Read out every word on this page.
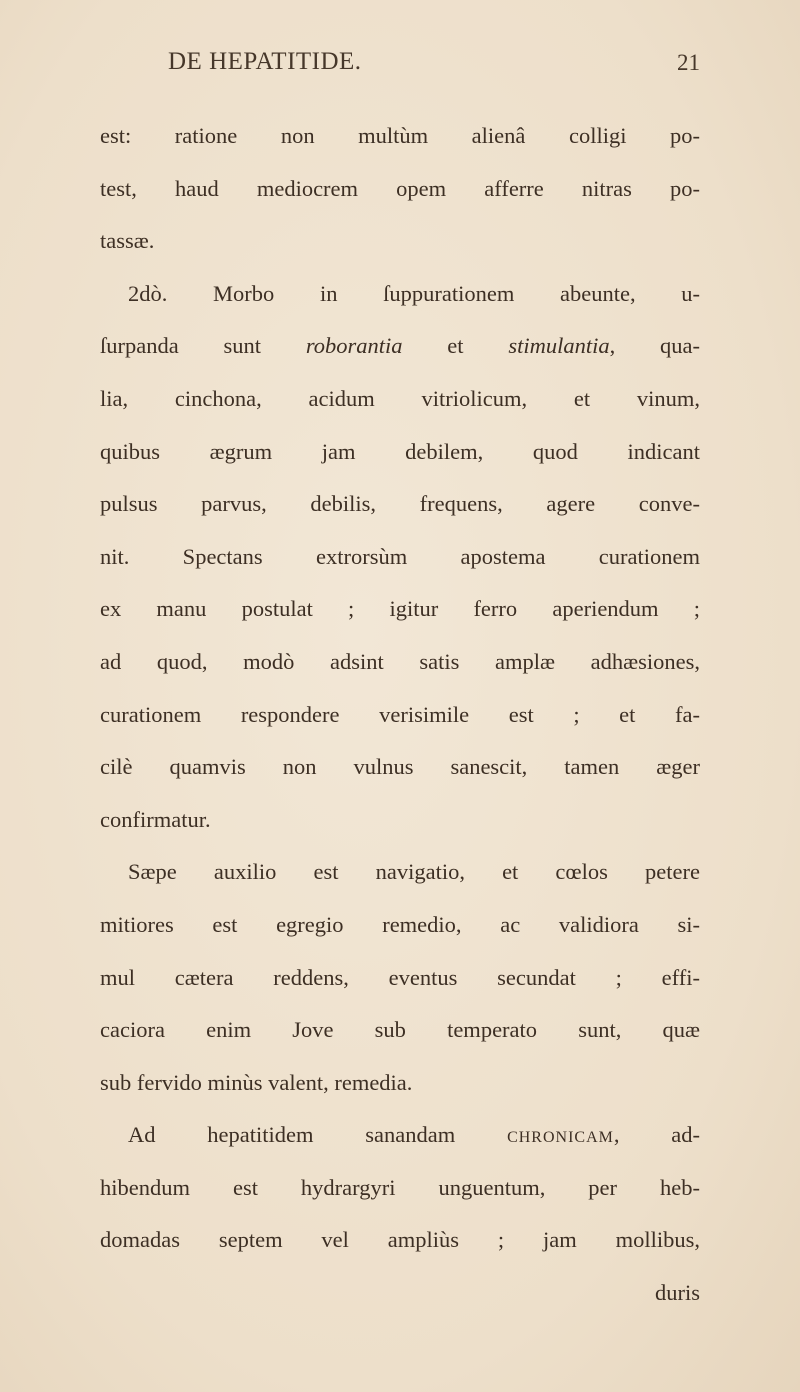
DE HEPATITIDE.	21
est: ratione non multùm alienâ colligi po-
test, haud mediocrem opem afferre nitras po-
tassæ.
2dò. Morbo in ſuppurationem abeunte, u-
ſurpanda sunt roborantia et stimulantia, qua-
lia, cinchona, acidum vitriolicum, et vinum,
quibus ægrum jam debilem, quod indicant
pulsus parvus, debilis, frequens, agere conve-
nit. Spectans extrorsùm apostema curationem
ex manu postulat ; igitur ferro aperiendum ;
ad quod, modò adsint satis amplæ adhæsiones,
curationem respondere verisimile est ; et fa-
cilè quamvis non vulnus sanescit, tamen æger
confirmatur.
Sæpe auxilio est navigatio, et cœlos petere
mitiores est egregio remedio, ac validiora si-
mul cætera reddens, eventus secundat ; effi-
caciora enim Jove sub temperato sunt, quæ
sub fervido minùs valent, remedia.
Ad hepatitidem sanandam chronicam, ad-
hibendum est hydrargyri unguentum, per heb-
domadas septem vel ampliùs ; jam mollibus,
duris
